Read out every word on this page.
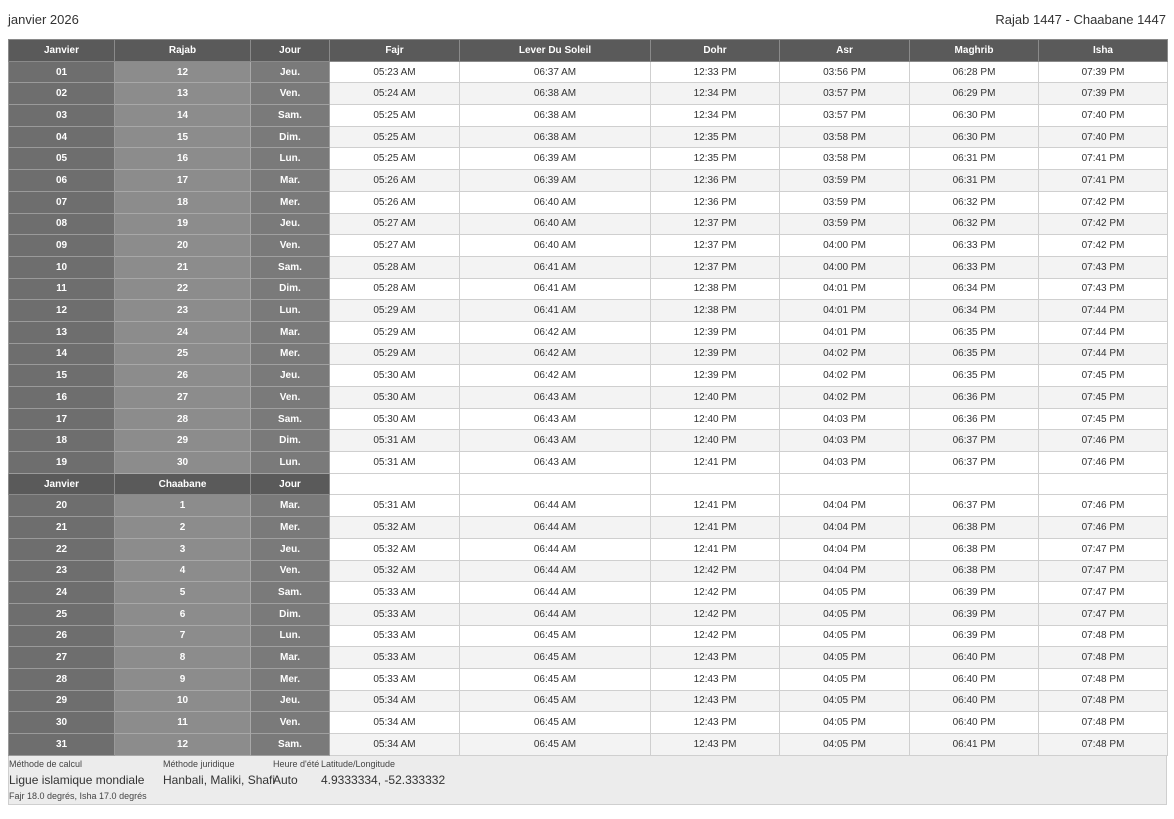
janvier 2026	Rajab 1447 - Chaabane 1447
Janvier	Rajab	Jour	Fajr	Lever Du Soleil	Dohr	Asr	Maghrib	Isha
01	12	Jeu.	05:23 AM	06:37 AM	12:33 PM	03:56 PM	06:28 PM	07:39 PM
02	13	Ven.	05:24 AM	06:38 AM	12:34 PM	03:57 PM	06:29 PM	07:39 PM
03	14	Sam.	05:25 AM	06:38 AM	12:34 PM	03:57 PM	06:30 PM	07:40 PM
04	15	Dim.	05:25 AM	06:38 AM	12:35 PM	03:58 PM	06:30 PM	07:40 PM
05	16	Lun.	05:25 AM	06:39 AM	12:35 PM	03:58 PM	06:31 PM	07:41 PM
06	17	Mar.	05:26 AM	06:39 AM	12:36 PM	03:59 PM	06:31 PM	07:41 PM
07	18	Mer.	05:26 AM	06:40 AM	12:36 PM	03:59 PM	06:32 PM	07:42 PM
08	19	Jeu.	05:27 AM	06:40 AM	12:37 PM	03:59 PM	06:32 PM	07:42 PM
09	20	Ven.	05:27 AM	06:40 AM	12:37 PM	04:00 PM	06:33 PM	07:42 PM
10	21	Sam.	05:28 AM	06:41 AM	12:37 PM	04:00 PM	06:33 PM	07:43 PM
11	22	Dim.	05:28 AM	06:41 AM	12:38 PM	04:01 PM	06:34 PM	07:43 PM
12	23	Lun.	05:29 AM	06:41 AM	12:38 PM	04:01 PM	06:34 PM	07:44 PM
13	24	Mar.	05:29 AM	06:42 AM	12:39 PM	04:01 PM	06:35 PM	07:44 PM
14	25	Mer.	05:29 AM	06:42 AM	12:39 PM	04:02 PM	06:35 PM	07:44 PM
15	26	Jeu.	05:30 AM	06:42 AM	12:39 PM	04:02 PM	06:35 PM	07:45 PM
16	27	Ven.	05:30 AM	06:43 AM	12:40 PM	04:02 PM	06:36 PM	07:45 PM
17	28	Sam.	05:30 AM	06:43 AM	12:40 PM	04:03 PM	06:36 PM	07:45 PM
18	29	Dim.	05:31 AM	06:43 AM	12:40 PM	04:03 PM	06:37 PM	07:46 PM
19	30	Lun.	05:31 AM	06:43 AM	12:41 PM	04:03 PM	06:37 PM	07:46 PM
Janvier	Chaabane	Jour						
20	1	Mar.	05:31 AM	06:44 AM	12:41 PM	04:04 PM	06:37 PM	07:46 PM
21	2	Mer.	05:32 AM	06:44 AM	12:41 PM	04:04 PM	06:38 PM	07:46 PM
22	3	Jeu.	05:32 AM	06:44 AM	12:41 PM	04:04 PM	06:38 PM	07:47 PM
23	4	Ven.	05:32 AM	06:44 AM	12:42 PM	04:04 PM	06:38 PM	07:47 PM
24	5	Sam.	05:33 AM	06:44 AM	12:42 PM	04:05 PM	06:39 PM	07:47 PM
25	6	Dim.	05:33 AM	06:44 AM	12:42 PM	04:05 PM	06:39 PM	07:47 PM
26	7	Lun.	05:33 AM	06:45 AM	12:42 PM	04:05 PM	06:39 PM	07:48 PM
27	8	Mar.	05:33 AM	06:45 AM	12:43 PM	04:05 PM	06:40 PM	07:48 PM
28	9	Mer.	05:33 AM	06:45 AM	12:43 PM	04:05 PM	06:40 PM	07:48 PM
29	10	Jeu.	05:34 AM	06:45 AM	12:43 PM	04:05 PM	06:40 PM	07:48 PM
30	11	Ven.	05:34 AM	06:45 AM	12:43 PM	04:05 PM	06:40 PM	07:48 PM
31	12	Sam.	05:34 AM	06:45 AM	12:43 PM	04:05 PM	06:41 PM	07:48 PM
Méthode de calcul
Ligue islamique mondiale
Fajr 18.0 degrés, Isha 17.0 degrés
Méthode juridique
Hanbali, Maliki, Shafi
Heure d'été
Auto
Latitude/Longitude
4.9333334, -52.333332
